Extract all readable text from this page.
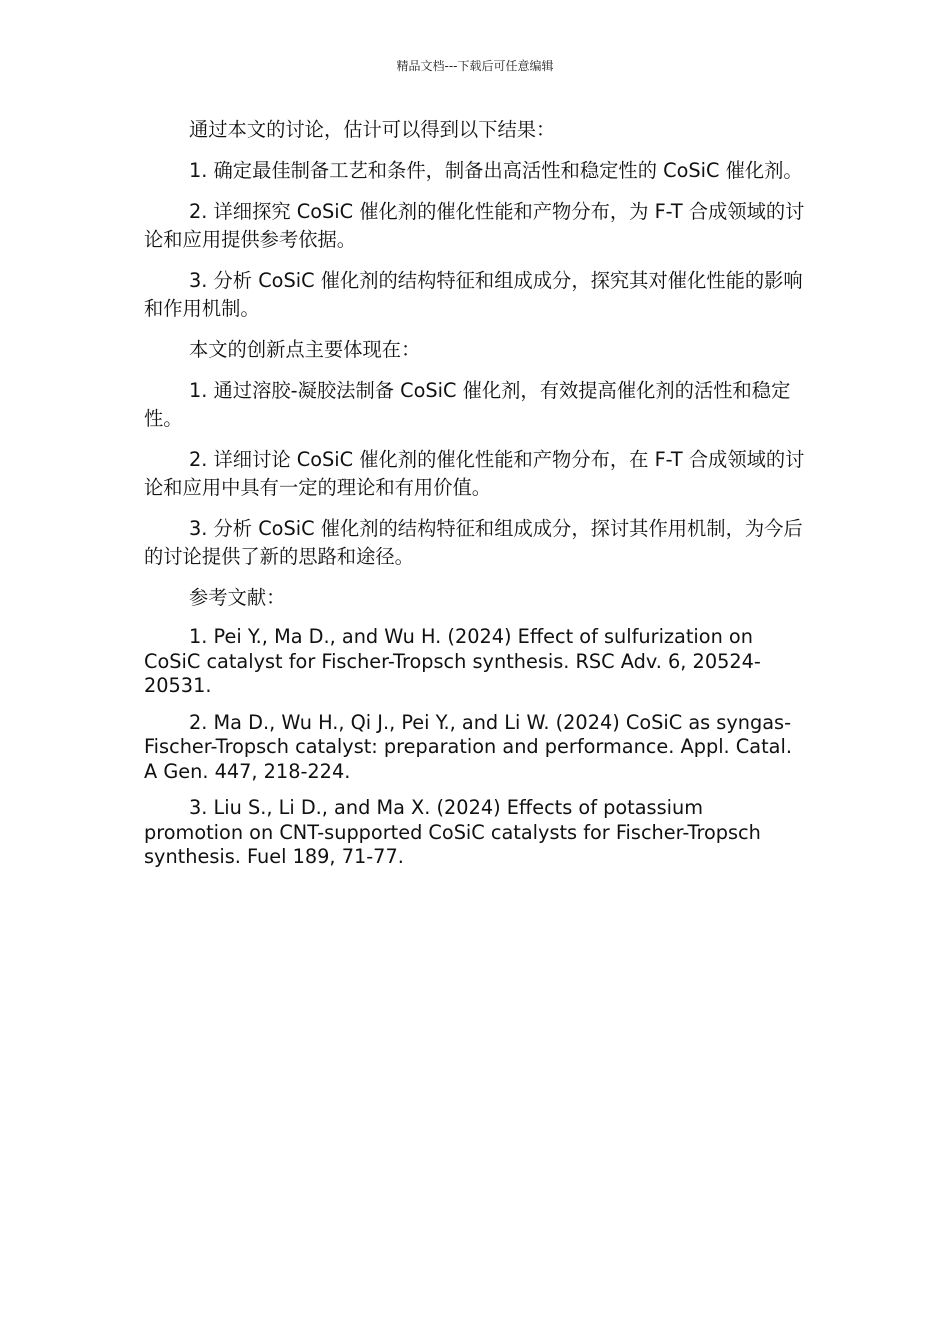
精品文档---下载后可任意编辑

通过本文的讨论，估计可以得到以下结果：

1. 确定最佳制备工艺和条件，制备出高活性和稳定性的 CoSiC 催化剂。

2. 详细探究 CoSiC 催化剂的催化性能和产物分布，为 F-T 合成领域的讨论和应用提供参考依据。

3. 分析 CoSiC 催化剂的结构特征和组成成分，探究其对催化性能的影响和作用机制。

本文的创新点主要体现在：

1. 通过溶胶-凝胶法制备 CoSiC 催化剂，有效提高催化剂的活性和稳定性。

2. 详细讨论 CoSiC 催化剂的催化性能和产物分布，在 F-T 合成领域的讨论和应用中具有一定的理论和有用价值。

3. 分析 CoSiC 催化剂的结构特征和组成成分，探讨其作用机制，为今后的讨论提供了新的思路和途径。

参考文献：

1. Pei Y., Ma D., and Wu H. (2024) Effect of sulfurization on CoSiC catalyst for Fischer-Tropsch synthesis. RSC Adv. 6, 20524-20531.

2. Ma D., Wu H., Qi J., Pei Y., and Li W. (2024) CoSiC as syngas-Fischer-Tropsch catalyst: preparation and performance. Appl. Catal. A Gen. 447, 218-224.

3. Liu S., Li D., and Ma X. (2024) Effects of potassium promotion on CNT-supported CoSiC catalysts for Fischer-Tropsch synthesis. Fuel 189, 71-77.
